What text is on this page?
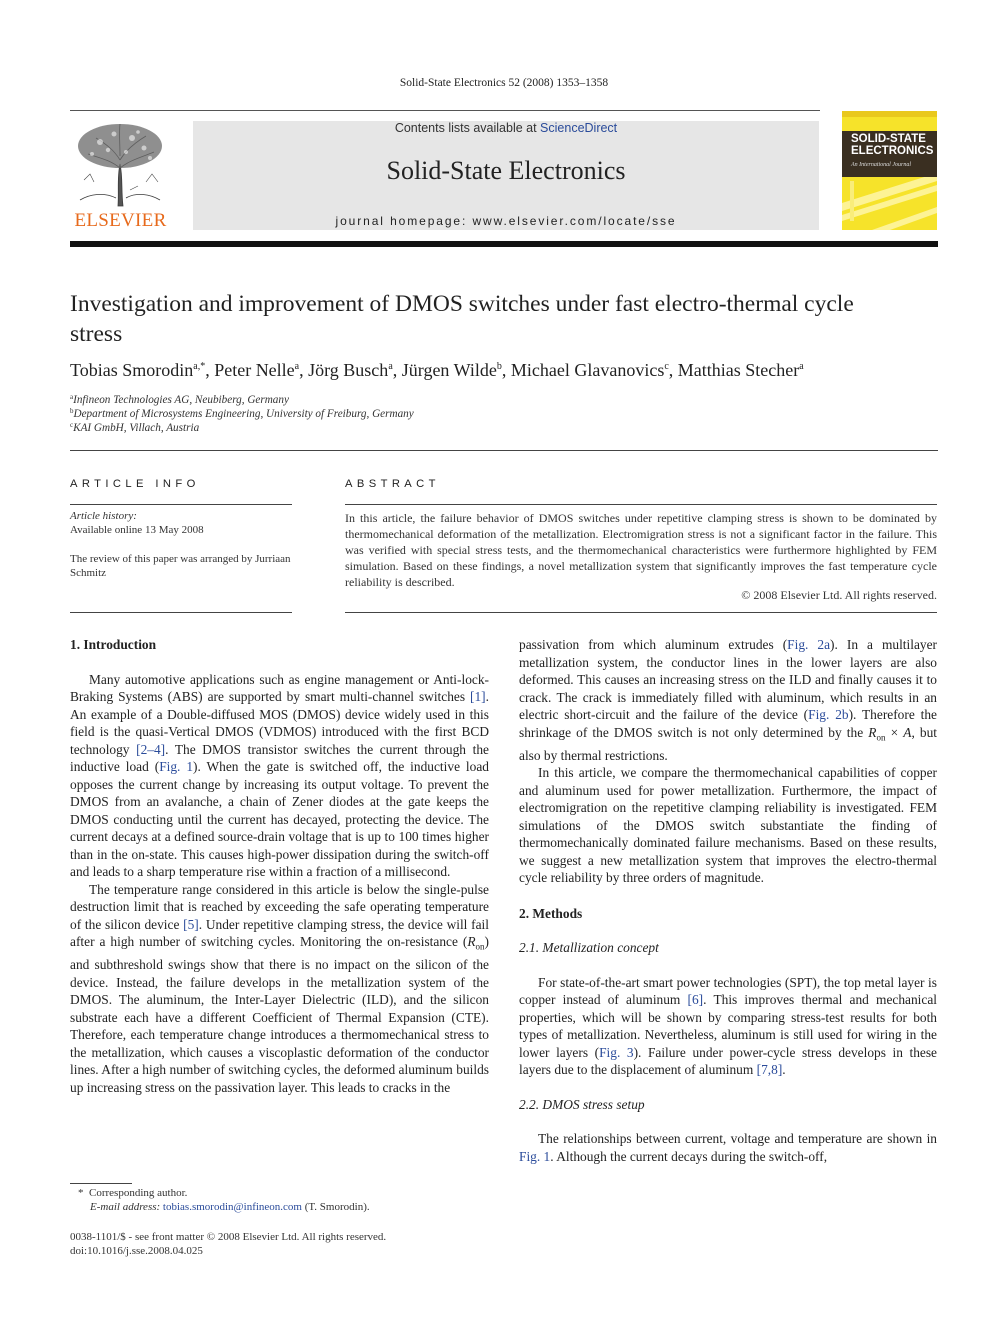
Solid-State Electronics 52 (2008) 1353–1358
ELSEVIER
Contents lists available at ScienceDirect
Solid-State Electronics
journal homepage: www.elsevier.com/locate/sse
SOLID-STATE ELECTRONICS
An International Journal
Investigation and improvement of DMOS switches under fast electro-thermal cycle stress
Tobias Smorodin$^{a,*}$, Peter Nelle$^a$, Jörg Busch$^a$, Jürgen Wilde$^b$, Michael Glavanovics$^c$, Matthias Stecher$^a$
$^a$Infineon Technologies AG, Neubiberg, Germany
$^b$Department of Microsystems Engineering, University of Freiburg, Germany
$^c$KAI GmbH, Villach, Austria
ARTICLE INFO
Article history:
Available online 13 May 2008
The review of this paper was arranged by Jurriaan Schmitz
ABSTRACT
In this article, the failure behavior of DMOS switches under repetitive clamping stress is shown to be dominated by thermomechanical deformation of the metallization. Electromigration stress is not a significant factor in the failure. This was verified with special stress tests, and the thermomechanical characteristics were furthermore highlighted by FEM simulation. Based on these findings, a novel metallization system that significantly improves the fast temperature cycle reliability is described.
© 2008 Elsevier Ltd. All rights reserved.
1. Introduction

Many automotive applications such as engine management or Anti-lock-Braking Systems (ABS) are supported by smart multi-channel switches [1]. An example of a Double-diffused MOS (DMOS) device widely used in this field is the quasi-Vertical DMOS (VDMOS) introduced with the first BCD technology [2–4]. The DMOS transistor switches the current through the inductive load (Fig. 1). When the gate is switched off, the inductive load opposes the current change by increasing its output voltage. To prevent the DMOS from an avalanche, a chain of Zener diodes at the gate keeps the DMOS conducting until the current has decayed, protecting the device. The current decays at a defined source-drain voltage that is up to 100 times higher than in the on-state. This causes high-power dissipation during the switch-off and leads to a sharp temperature rise within a fraction of a millisecond.

The temperature range considered in this article is below the single-pulse destruction limit that is reached by exceeding the safe operating temperature of the silicon device [5]. Under repetitive clamping stress, the device will fail after a high number of switching cycles. Monitoring the on-resistance $(R_{on})$ and subthreshold swings show that there is no impact on the silicon of the device. Instead, the failure develops in the metallization system of the DMOS. The aluminum, the Inter-Layer Dielectric (ILD), and the silicon substrate each have a different Coefficient of Thermal Expansion (CTE). Therefore, each temperature change introduces a thermomechanical stress to the metallization, which causes a viscoplastic deformation of the conductor lines. After a high number of switching cycles, the deformed aluminum builds up increasing stress on the passivation layer. This leads to cracks in the

passivation from which aluminum extrudes (Fig. 2a). In a multilayer metallization system, the conductor lines in the lower layers are also deformed. This causes an increasing stress on the ILD and finally causes it to crack. The crack is immediately filled with aluminum, which results in an electric short-circuit and the failure of the device (Fig. 2b). Therefore the shrinkage of the DMOS switch is not only determined by the $R_{on} \times A$, but also by thermal restrictions.

In this article, we compare the thermomechanical capabilities of copper and aluminum used for power metallization. Furthermore, the impact of electromigration on the repetitive clamping reliability is investigated. FEM simulations of the DMOS switch substantiate the finding of thermomechanically dominated failure mechanisms. Based on these results, we suggest a new metallization system that improves the electro-thermal cycle reliability by three orders of magnitude.

2. Methods
2.1. Metallization concept

For state-of-the-art smart power technologies (SPT), the top metal layer is copper instead of aluminum [6]. This improves thermal and mechanical properties, which will be shown by comparing stress-test results for both types of metallization. Nevertheless, aluminum is still used for wiring in the lower layers (Fig. 3). Failure under power-cycle stress develops in these layers due to the displacement of aluminum [7,8].

2.2. DMOS stress setup

The relationships between current, voltage and temperature are shown in Fig. 1. Although the current decays during the switch-off,

* Corresponding author.
E-mail address: tobias.smorodin@infineon.com (T. Smorodin).
0038-1101/$ - see front matter © 2008 Elsevier Ltd. All rights reserved.
doi:10.1016/j.sse.2008.04.025
